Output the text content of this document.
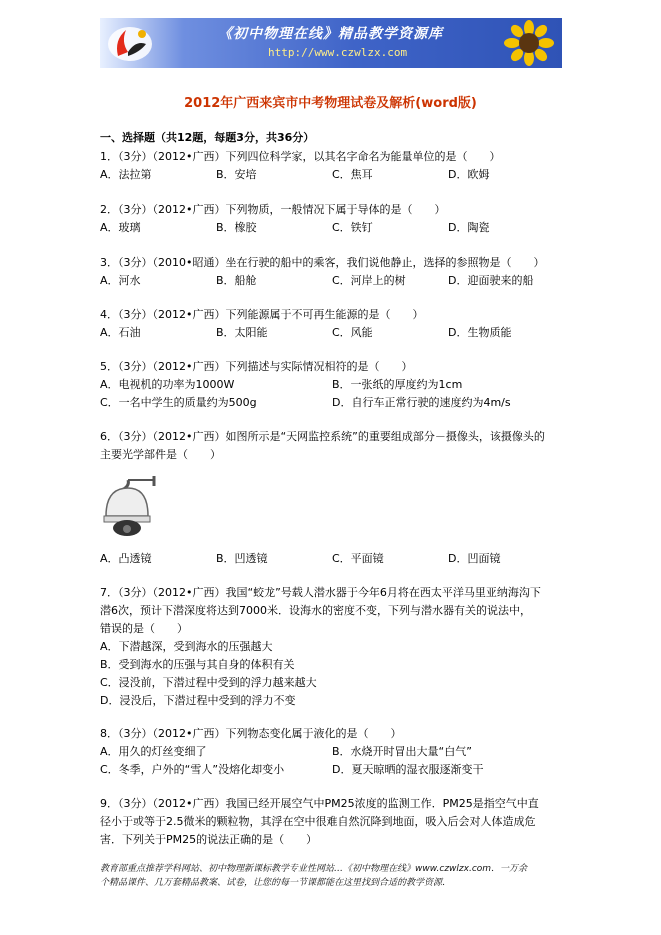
《初中物理在线》精品教学资源库
http://www.czwlzx.com
2012年广西来宾市中考物理试卷及解析(word版)
一、选择题（共12题，每题3分，共36分）
1．（3分）（2012•广西）下列四位科学家，以其名字命名为能量单位的是（　　）
A．法拉第	B．安培	C．焦耳	D．欧姆
2．（3分）（2012•广西）下列物质，一般情况下属于导体的是（　　）
A．玻璃	B．橡胶	C．铁钉	D．陶瓷
3．（3分）（2010•昭通）坐在行驶的船中的乘客，我们说他静止，选择的参照物是（　　）
A．河水	B．船舱	C．河岸上的树	D．迎面驶来的船
4．（3分）（2012•广西）下列能源属于不可再生能源的是（　　）
A．石油	B．太阳能	C．风能	D．生物质能
5．（3分）（2012•广西）下列描述与实际情况相符的是（　　）
A．电视机的功率为1000W	B．一张纸的厚度约为1cm
C．一名中学生的质量约为500g	D．自行车正常行驶的速度约为4m/s
6．（3分）（2012•广西）如图所示是“天网监控系统”的重要组成部分－摄像头，该摄像头的
主要光学部件是（　　）
A．凸透镜	B．凹透镜	C．平面镜	D．凹面镜
7．（3分）（2012•广西）我国“蛟龙”号载人潜水器于今年6月将在西太平洋马里亚纳海沟下
潜6次，预计下潜深度将达到7000米．设海水的密度不变，下列与潜水器有关的说法中，
错误的是（　　）
A．下潜越深，受到海水的压强越大
B．受到海水的压强与其自身的体积有关
C．浸没前，下潜过程中受到的浮力越来越大
D．浸没后，下潜过程中受到的浮力不变
8．（3分）（2012•广西）下列物态变化属于液化的是（　　）
A．用久的灯丝变细了	B．水烧开时冒出大量“白气”
C．冬季，户外的“雪人”没熔化却变小	D．夏天晾晒的湿衣服逐渐变干
9．（3分）（2012•广西）我国已经开展空气中PM25浓度的监测工作．PM25是指空气中直
径小于或等于2.5微米的颗粒物，其浮在空中很难自然沉降到地面，吸入后会对人体造成危
害．下列关于PM25的说法正确的是（　　）
教育部重点推荐学科网站、初中物理新课标教学专业性网站…《初中物理在线》www.czwlzx.com．一万余
个精品课件、几万套精品教案、试卷，让您的每一节课都能在这里找到合适的教学资源．
